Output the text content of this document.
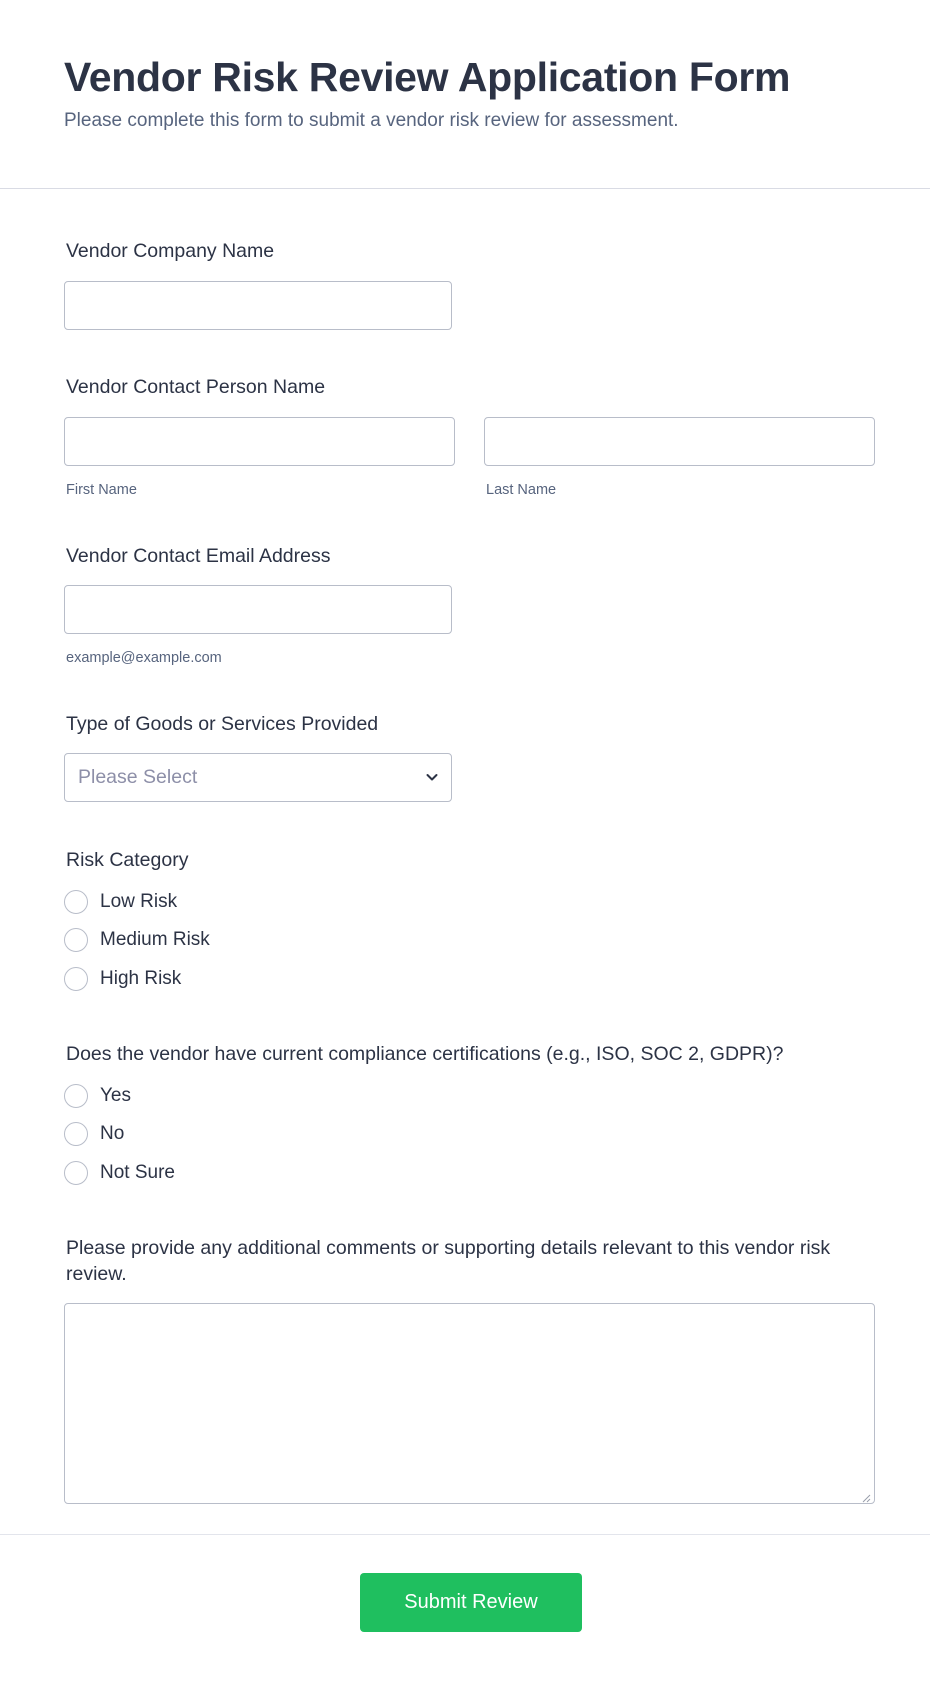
Vendor Risk Review Application Form
Please complete this form to submit a vendor risk review for assessment.
Vendor Company Name
Vendor Contact Person Name
First Name	Last Name
Vendor Contact Email Address
example@example.com
Type of Goods or Services Provided
Please Select
Risk Category
Low Risk
Medium Risk
High Risk
Does the vendor have current compliance certifications (e.g., ISO, SOC 2, GDPR)?
Yes
No
Not Sure
Please provide any additional comments or supporting details relevant to this vendor risk review.
Submit Review
